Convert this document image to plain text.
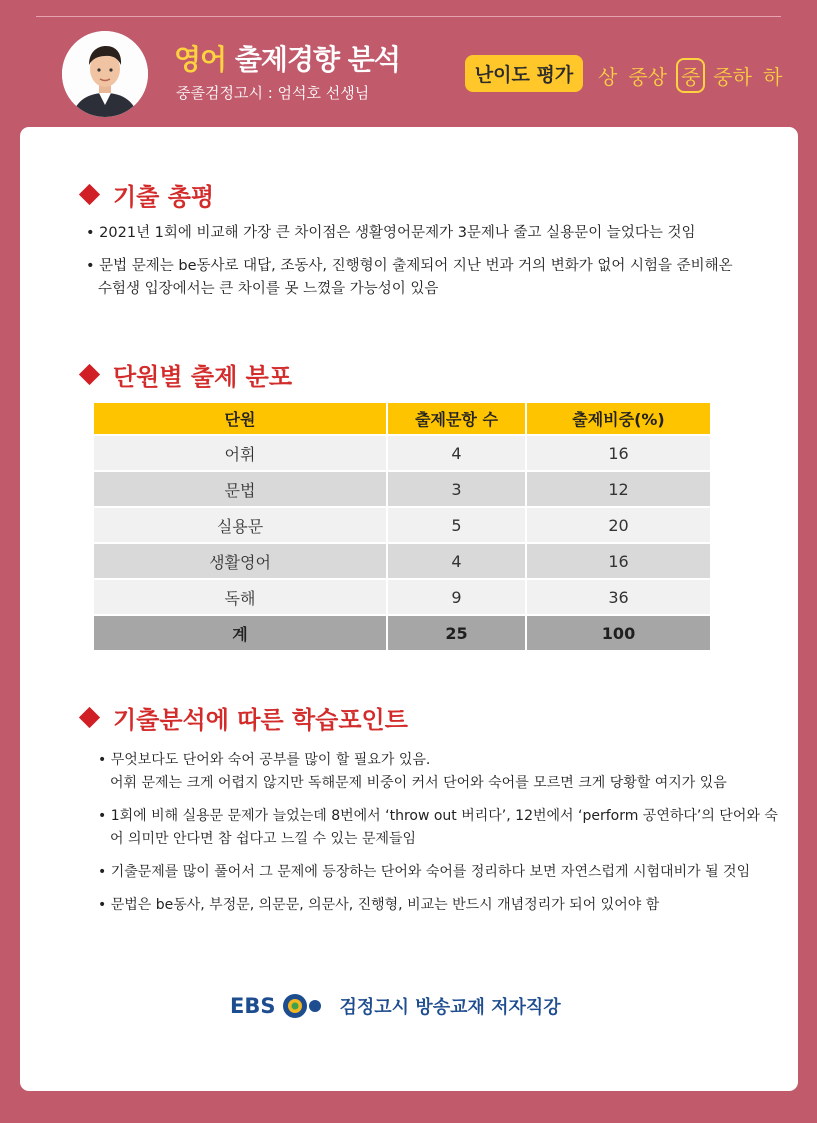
영어 출제경향 분석
중졸검정고시 : 엄석호 선생님
난이도 평가	상 중상 중 중하 하
기출 총평

• 2021년 1회에 비교해 가장 큰 차이점은 생활영어문제가 3문제나 줄고 실용문이 늘었다는 것임

• 문법 문제는 be동사로 대답, 조동사, 진행형이 출제되어 지난 번과 거의 변화가 없어 시험을 준비해온 수험생 입장에서는 큰 차이를 못 느꼈을 가능성이 있음

단원별 출제 분포
단원	출제문항 수	출제비중(%)
어휘	4	16
문법	3	12
실용문	5	20
생활영어	4	16
독해	9	36
계	25	100
기출분석에 따른 학습포인트

• 무엇보다도 단어와 숙어 공부를 많이 할 필요가 있음.

어휘 문제는 크게 어렵지 않지만 독해문제 비중이 커서 단어와 숙어를 모르면 크게 당황할 여지가 있음

• 1회에 비해 실용문 문제가 늘었는데 8번에서 ‘throw out 버리다’, 12번에서 ‘perform 공연하다’의 단어와 숙어 의미만 안다면 참 쉽다고 느낄 수 있는 문제들임

• 기출문제를 많이 풀어서 그 문제에 등장하는 단어와 숙어를 정리하다 보면 자연스럽게 시험대비가 될 것임

• 문법은 be동사, 부정문, 의문문, 의문사, 진행형, 비교는 반드시 개념정리가 되어 있어야 함

EBS	검정고시 방송교재 저자직강
